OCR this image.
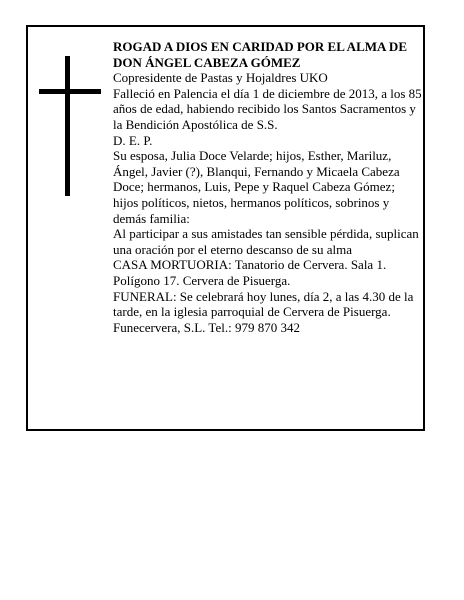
ROGAD A DIOS EN CARIDAD POR EL ALMA DE

DON ÁNGEL CABEZA GÓMEZ

Copresidente de Pastas y Hojaldres UKO

Falleció en Palencia el día 1 de diciembre de 2013, a los 85 años de edad, habiendo recibido los Santos Sacramentos y la Bendición Apostólica de S.S.

D. E. P.

Su esposa, Julia Doce Velarde; hijos, Esther, Mariluz, Ángel, Javier (?), Blanqui, Fernando y Micaela Cabeza Doce; hermanos, Luis, Pepe y Raquel Cabeza Gómez; hijos políticos, nietos, hermanos políticos, sobrinos y demás familia:

Al participar a sus amistades tan sensible pérdida, suplican una oración por el eterno descanso de su alma

CASA MORTUORIA: Tanatorio de Cervera. Sala 1. Polígono 17. Cervera de Pisuerga.

FUNERAL: Se celebrará hoy lunes, día 2, a las 4.30 de la tarde, en la iglesia parroquial de Cervera de Pisuerga.

Funecervera, S.L. Tel.: 979 870 342
